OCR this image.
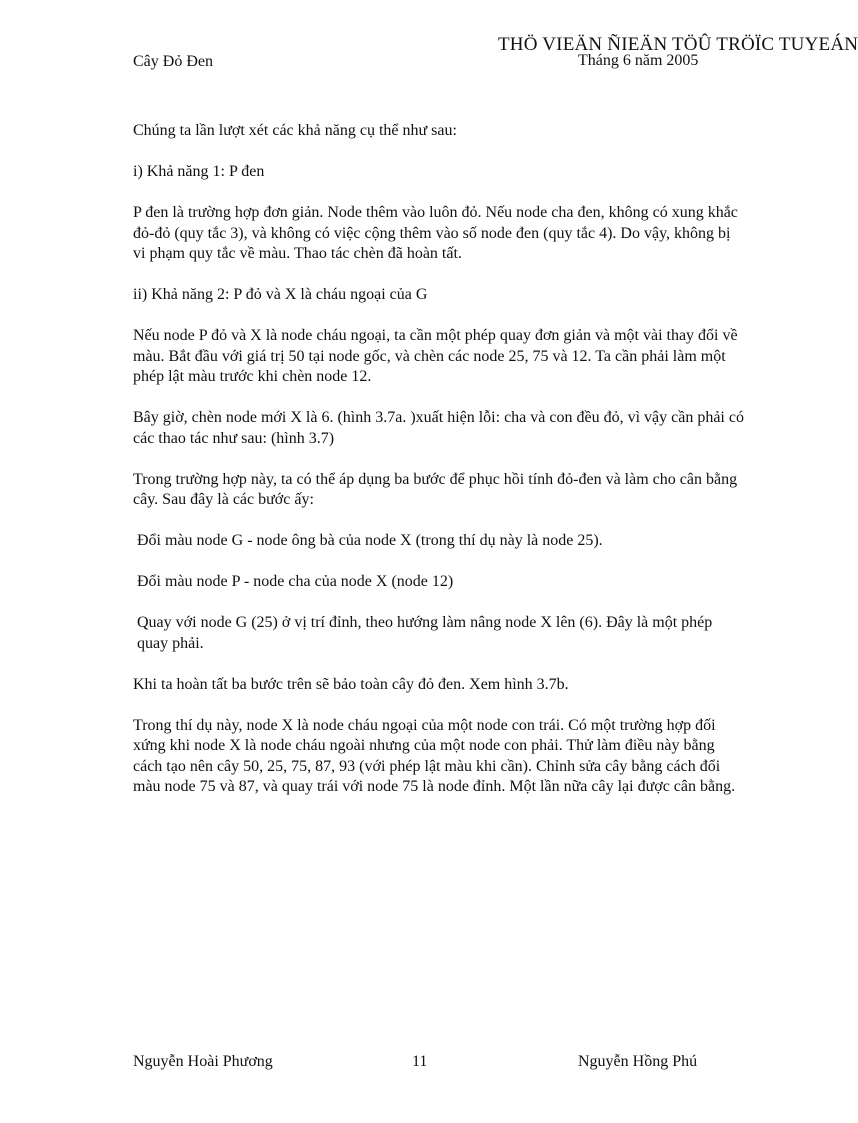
THÖ VIEÄN ÑIEÄN TÖÛ TRÖÏC TUYEÁN
Cây Đỏ Đen	Tháng 6 năm 2005

Chúng ta lần lượt xét các khả năng cụ thể như sau:

i) Khả năng 1: P đen

P đen là trường hợp đơn giản. Node thêm vào luôn đỏ. Nếu node cha đen, không có xung khắc đỏ-đỏ (quy tắc 3), và không có việc cộng thêm vào số node đen (quy tắc 4). Do vậy, không bị vi phạm quy tắc về màu. Thao tác chèn đã hoàn tất.

ii) Khả năng 2: P đỏ và X là cháu ngoại của G

Nếu node P đỏ và X là node cháu ngoại, ta cần một phép quay đơn giản và một vài thay đổi về màu. Bắt đầu với giá trị 50 tại node gốc, và chèn các node 25, 75 và 12. Ta cần phải làm một phép lật màu trước khi chèn node 12.

Bây giờ, chèn node mới X là 6. (hình 3.7a. )xuất hiện lỗi: cha và con đều đỏ, vì vậy cần phải có các thao tác như sau: (hình 3.7)

Trong trường hợp này, ta có thể áp dụng ba bước để phục hồi tính đỏ-đen và làm cho cân bằng cây. Sau đây là các bước ấy:

Đổi màu node G - node ông bà của node X (trong thí dụ này là node 25).

Đổi màu node P - node cha của node X (node 12)

Quay với node G (25) ở vị trí đỉnh, theo hướng làm nâng node X lên (6). Đây là một phép quay phải.

Khi ta hoàn tất ba bước trên sẽ bảo toàn cây đỏ đen. Xem hình 3.7b.

Trong thí dụ này, node X là node cháu ngoại của một node con trái. Có một trường hợp đối xứng khi node X là node cháu ngoài nhưng của một node con phải. Thử làm điều này bằng cách tạo nên cây 50, 25, 75, 87, 93 (với phép lật màu khi cần). Chỉnh sửa cây bằng cách đổi màu node 75 và 87, và quay trái với node 75 là node đỉnh. Một lần nữa cây lại được cân bằng.

Nguyễn Hoài Phương	11	Nguyễn Hồng Phú
